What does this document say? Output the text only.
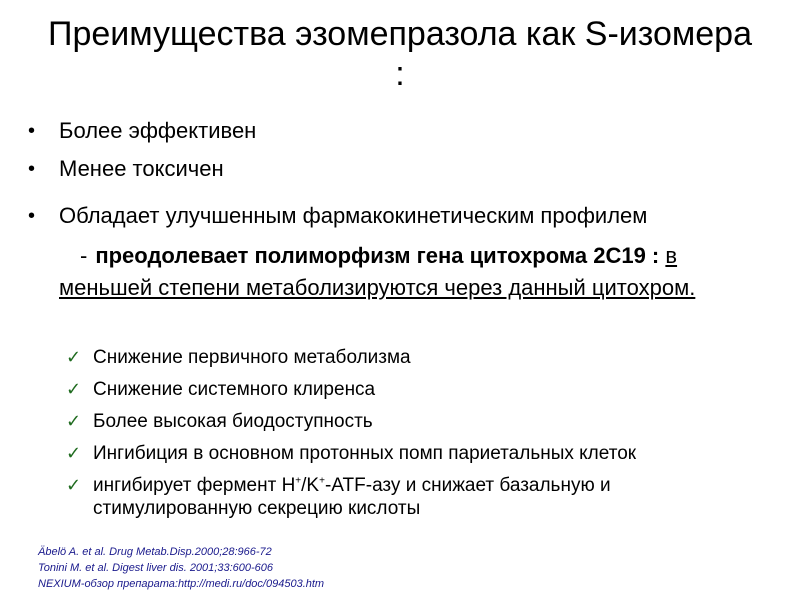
Преимущества эзомепразола как S-изомера :
• Более эффективен
• Менее токсичен
• Обладает улучшенным фармакокинетическим профилем
- преодолевает полиморфизм гена цитохрома 2С19 : в меньшей степени метаболизируются через данный цитохром.
✓ Снижение первичного метаболизма
✓ Снижение системного клиренса
✓ Более высокая биодоступность
✓ Ингибиция в основном протонных помп париетальных клеток
✓ ингибирует фермент H+/K+-ATF-азу и снижает базальную и стимулированную секрецию кислоты
Äbelö A. et al. Drug Metab.Disp.2000;28:966-72
Tonini M. et al. Digest liver dis. 2001;33:600-606
NEXIUM-обзор препарата:http://medi.ru/doc/094503.htm
